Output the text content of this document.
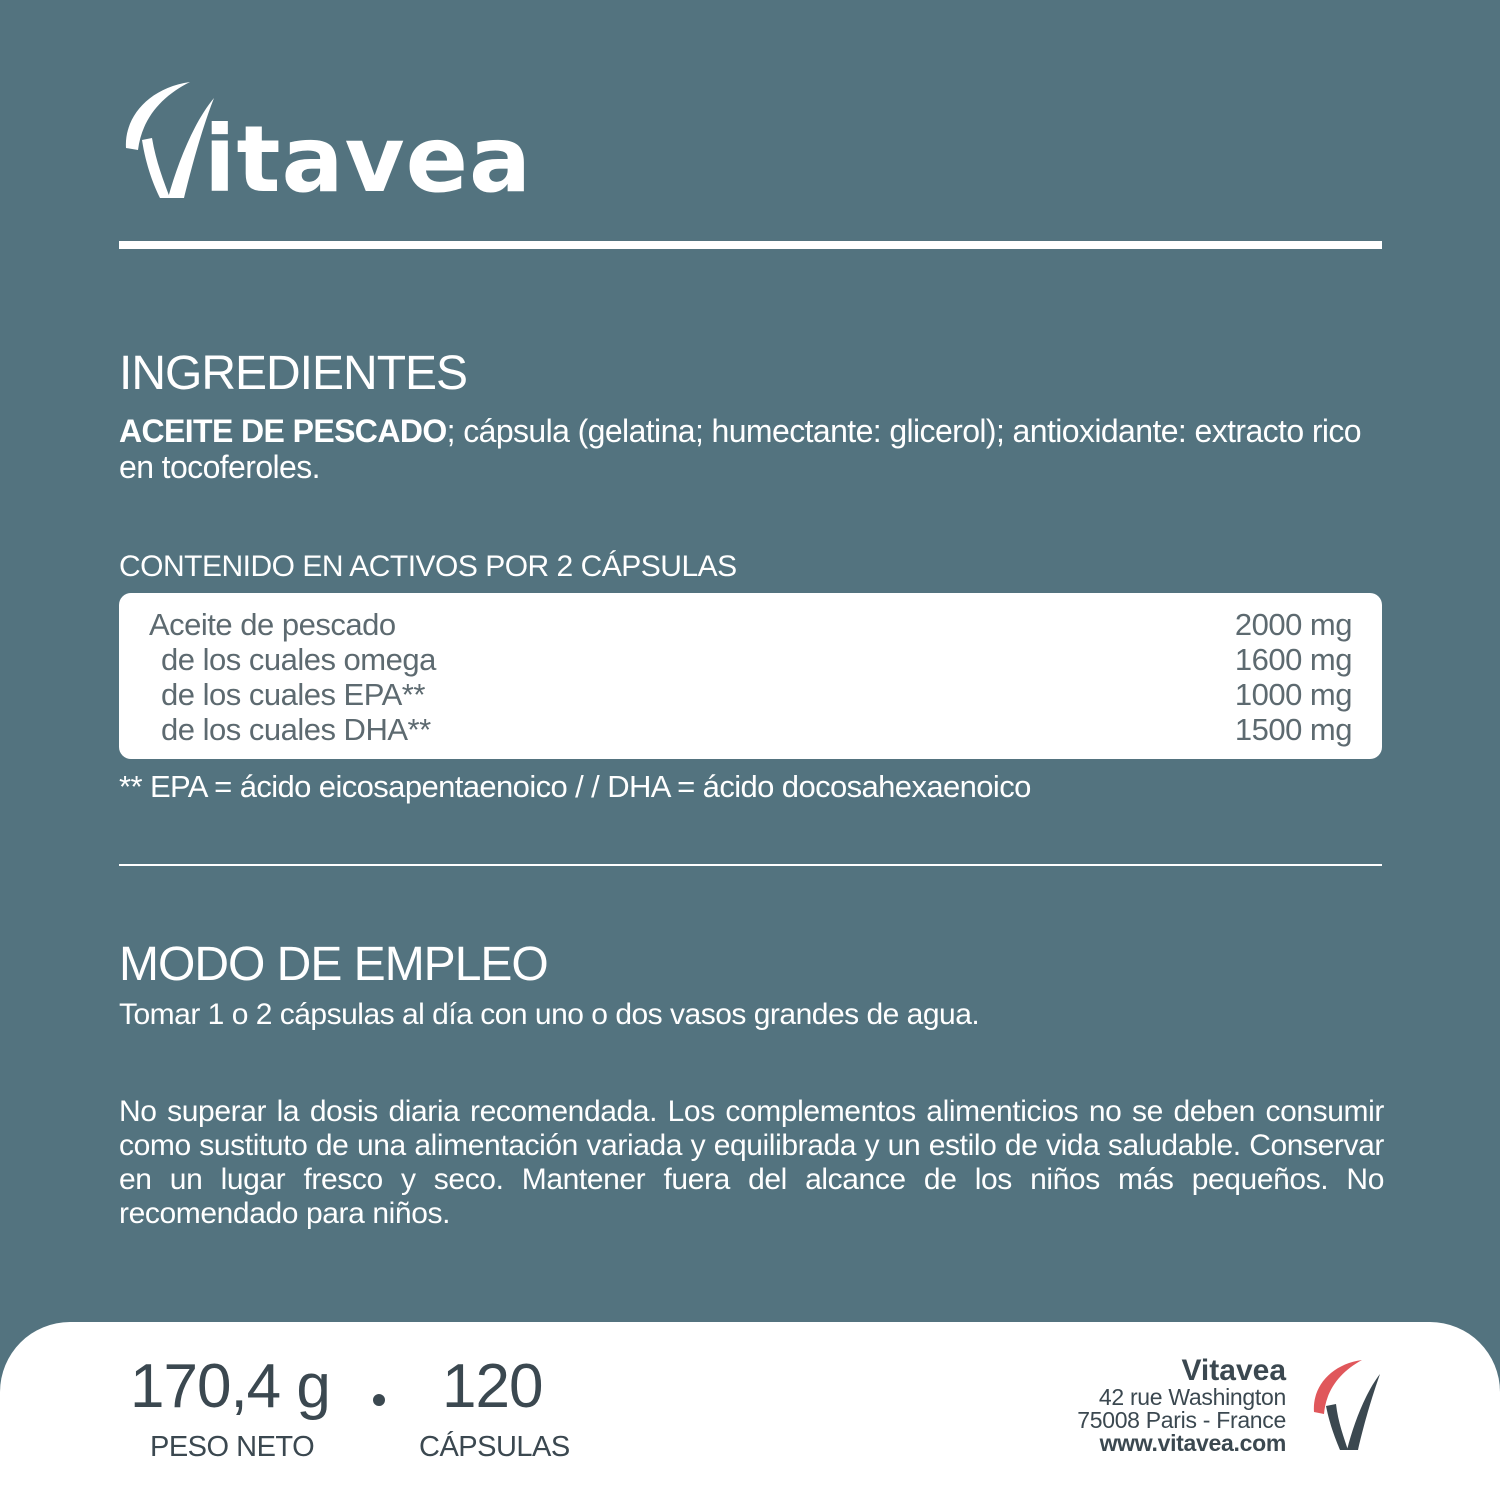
itavea
INGREDIENTES
ACEITE DE PESCADO; cápsula (gelatina; humectante: glicerol); antioxidante: extracto rico en tocoferoles.
CONTENIDO EN ACTIVOS POR 2 CÁPSULAS
Aceite de pescado	2000 mg
de los cuales omega	1600 mg
de los cuales EPA**	1000 mg
de los cuales DHA**	1500 mg
** EPA = ácido eicosapentaenoico / / DHA = ácido docosahexaenoico
MODO DE EMPLEO
Tomar 1 o 2 cápsulas al día con uno o dos vasos grandes de agua.
No superar la dosis diaria recomendada. Los complementos alimenticios no se deben consumir como sustituto de una alimentación variada y equilibrada y un estilo de vida saludable. Conservar en un lugar fresco y seco. Mantener fuera del alcance de los niños más pequeños. No recomendado para niños.
170,4 g
PESO NETO
120
CÁPSULAS
Vitavea
42 rue Washington
75008 Paris - France
www.vitavea.com
